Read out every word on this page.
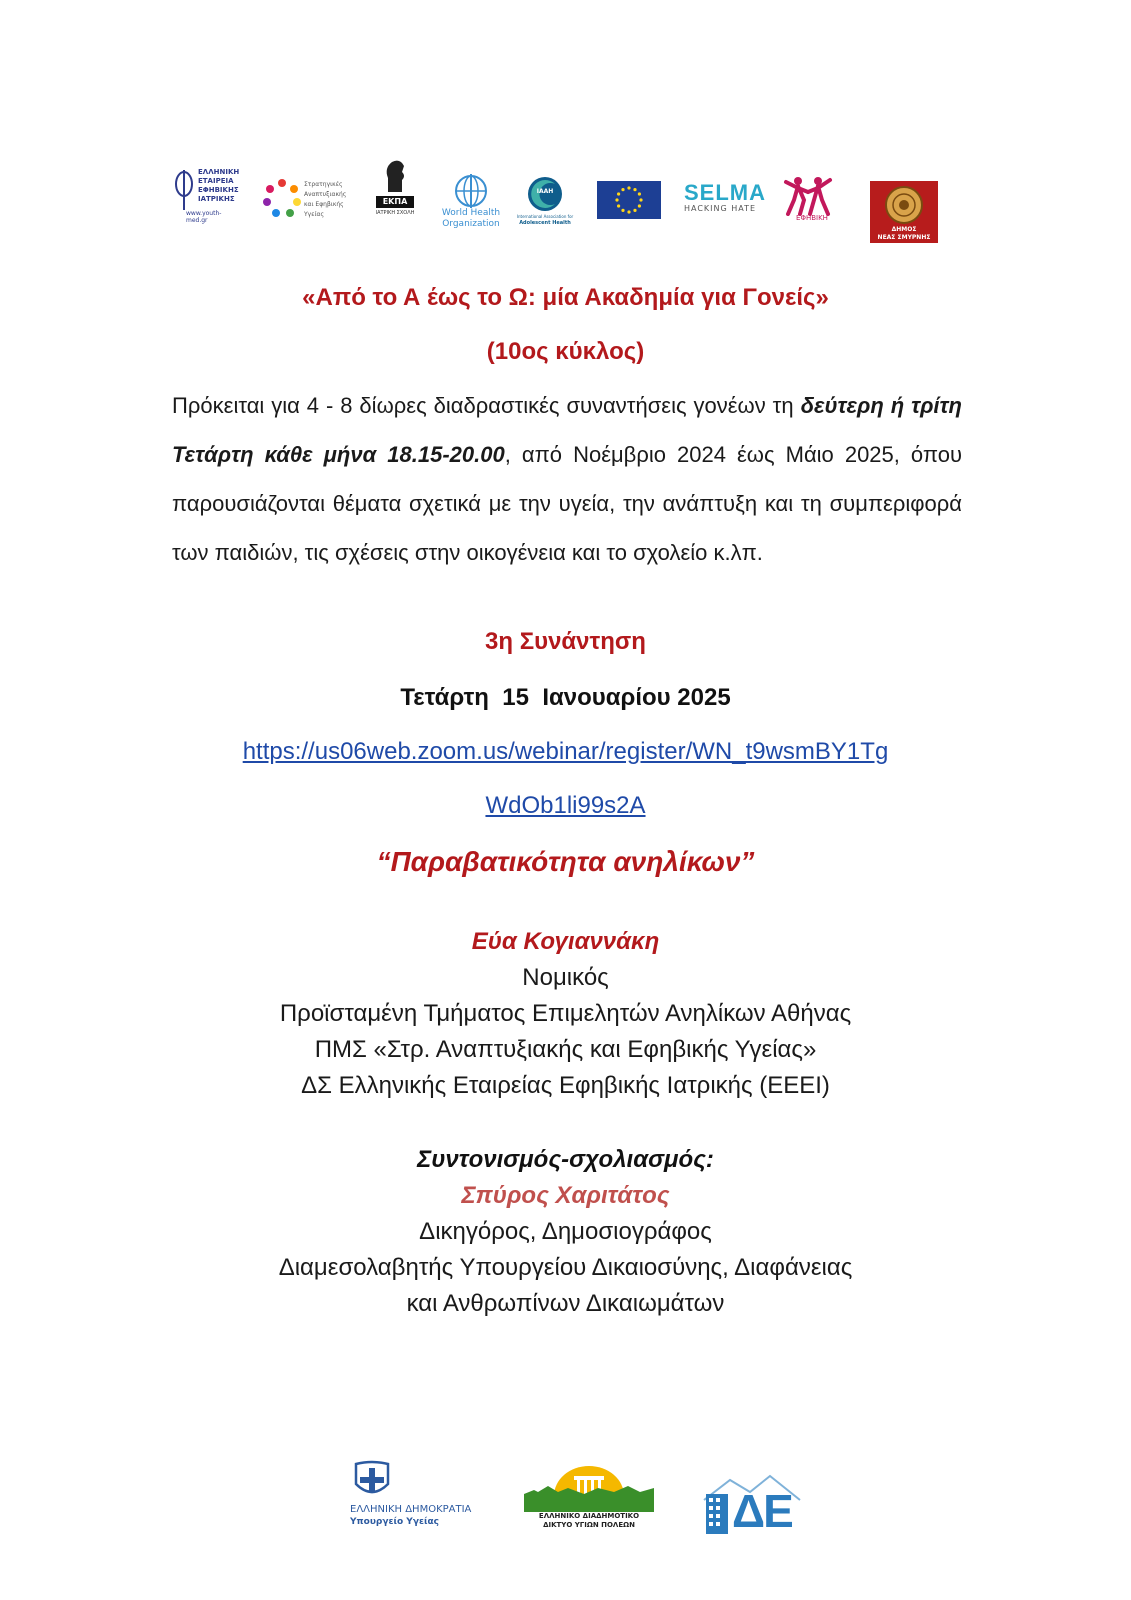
ΕΛΛΗΝΙΚΗ
ΕΤΑΙΡΕΙΑ
ΕΦΗΒΙΚΗΣ
ΙΑΤΡΙΚΗΣ
www.youth-med.gr
Στρατηγικές
Αναπτυξιακής
και Εφηβικής
Υγείας
ΕΚΠΑ
ΙΑΤΡΙΚΗ ΣΧΟΛΗ	World Health
Organization
IAAH
International Association for
Adolescent Health
SELMA
HACKING HATE
ΕΦΗΒΙΚΗ
ΔΗΜΟΣ
ΝΕΑΣ ΣΜΥΡΝΗΣ
«Από το Α έως το Ω: μία Ακαδημία για Γονείς»
(10ος κύκλος)
Πρόκειται για 4 - 8 δίωρες διαδραστικές συναντήσεις γονέων τη δεύτερη ή τρίτη Τετάρτη κάθε μήνα 18.15-20.00, από Νοέμβριο 2024 έως Μάιο 2025, όπου παρουσιάζονται θέματα σχετικά με την υγεία, την ανάπτυξη και τη συμπεριφορά των παιδιών, τις σχέσεις στην οικογένεια και το σχολείο κ.λπ.
3η Συνάντηση
Τετάρτη  15  Ιανουαρίου 2025
https://us06web.zoom.us/webinar/register/WN_t9wsmBY1Tg
WdOb1li99s2A
“Παραβατικότητα ανηλίκων”
Εύα Κογιαννάκη
Νομικός
Προϊσταμένη Τμήματος Επιμελητών Ανηλίκων Αθήνας
ΠΜΣ «Στρ. Αναπτυξιακής και Εφηβικής Υγείας»
ΔΣ Ελληνικής Εταιρείας Εφηβικής Ιατρικής (ΕΕΕΙ)
Συντονισμός-σχολιασμός:
Σπύρος Χαριτάτος
Δικηγόρος, Δημοσιογράφος
Διαμεσολαβητής Υπουργείου Δικαιοσύνης, Διαφάνειας
και Ανθρωπίνων Δικαιωμάτων
ΕΛΛΗΝΙΚΗ ΔΗΜΟΚΡΑΤΙΑ
Υπουργείο Υγείας
ΕΛΛΗΝΙΚΟ ΔΙΑΔΗΜΟΤΙΚΟ
ΔΙΚΤΥΟ ΥΓΙΩΝ ΠΟΛΕΩΝ	ΔΕ
